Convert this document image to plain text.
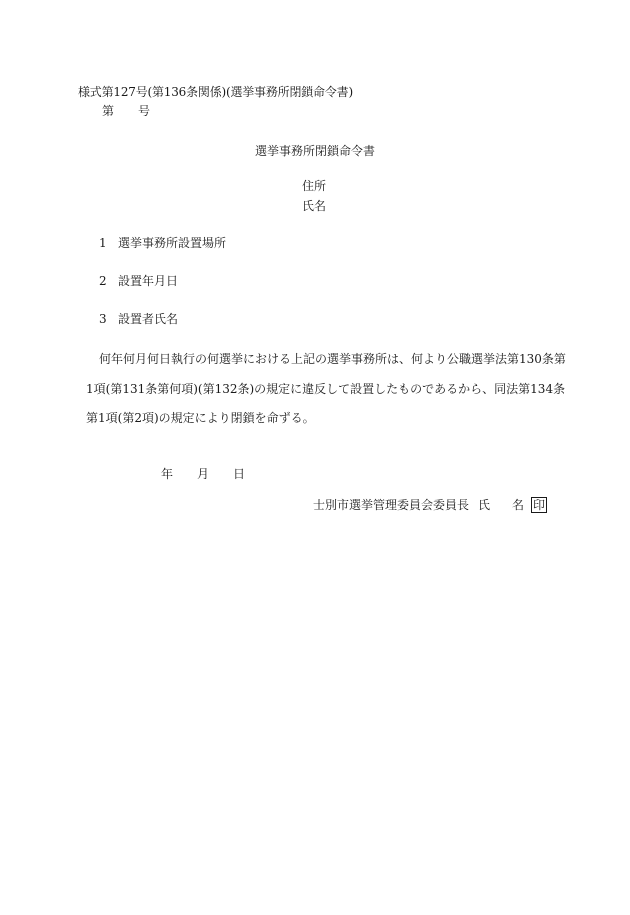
様式第127号(第136条関係)(選挙事務所閉鎖命令書)
第 号
選挙事務所閉鎖命令書
住所
氏名
1 選挙事務所設置場所
2 設置年月日
3 設置者氏名
何年何月何日執行の何選挙における上記の選挙事務所は、何より公職選挙法第130条第
1項(第131条第何項)(第132条)の規定に違反して設置したものであるから、同法第134条
第1項(第2項)の規定により閉鎖を命ずる。
年 月 日
士別市選挙管理委員会委員長 氏 名 印
